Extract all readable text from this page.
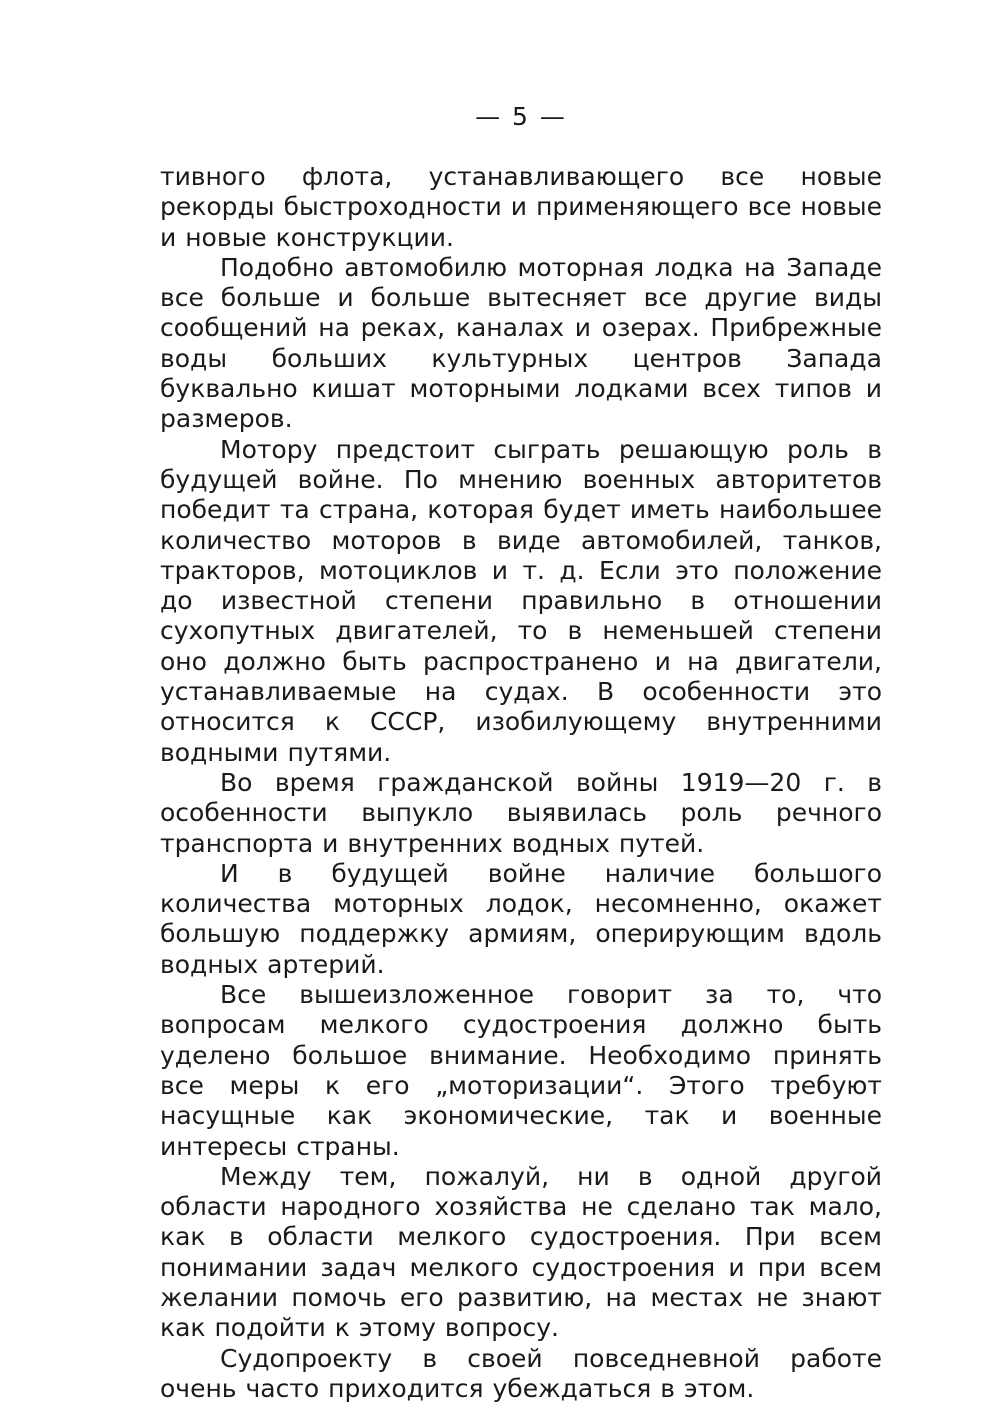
— 5 —

тивного флота, устанавливающего все новые рекорды быстроходности и применяющего все новые и новые конструкции.

Подобно автомобилю моторная лодка на Западе все больше и больше вытесняет все другие виды сообщений на реках, каналах и озерах. Прибрежные воды больших культурных центров Запада буквально кишат моторными лодками всех типов и размеров.

Мотору предстоит сыграть решающую роль в будущей войне. По мнению военных авторитетов победит та страна, которая будет иметь наибольшее количество моторов в виде автомобилей, танков, тракторов, мотоциклов и т. д. Если это положение до известной степени правильно в отношении сухопутных двигателей, то в неменьшей степени оно должно быть распространено и на двигатели, устанавливаемые на судах. В особенности это относится к СССР, изобилующему внутренними водными путями.

Во время гражданской войны 1919—20 г. в особенности выпукло выявилась роль речного транспорта и внутренних водных путей.

И в будущей войне наличие большого количества моторных лодок, несомненно, окажет большую поддержку армиям, оперирующим вдоль водных артерий.

Все вышеизложенное говорит за то, что вопросам мелкого судостроения должно быть уделено большое внимание. Необходимо принять все меры к его „моторизации“. Этого требуют насущные как экономические, так и военные интересы страны.

Между тем, пожалуй, ни в одной другой области народного хозяйства не сделано так мало, как в области мелкого судостроения. При всем понимании задач мелкого судостроения и при всем желании помочь его развитию, на местах не знают как подойти к этому вопросу.

Судопроекту в своей повседневной работе очень часто приходится убеждаться в этом.
